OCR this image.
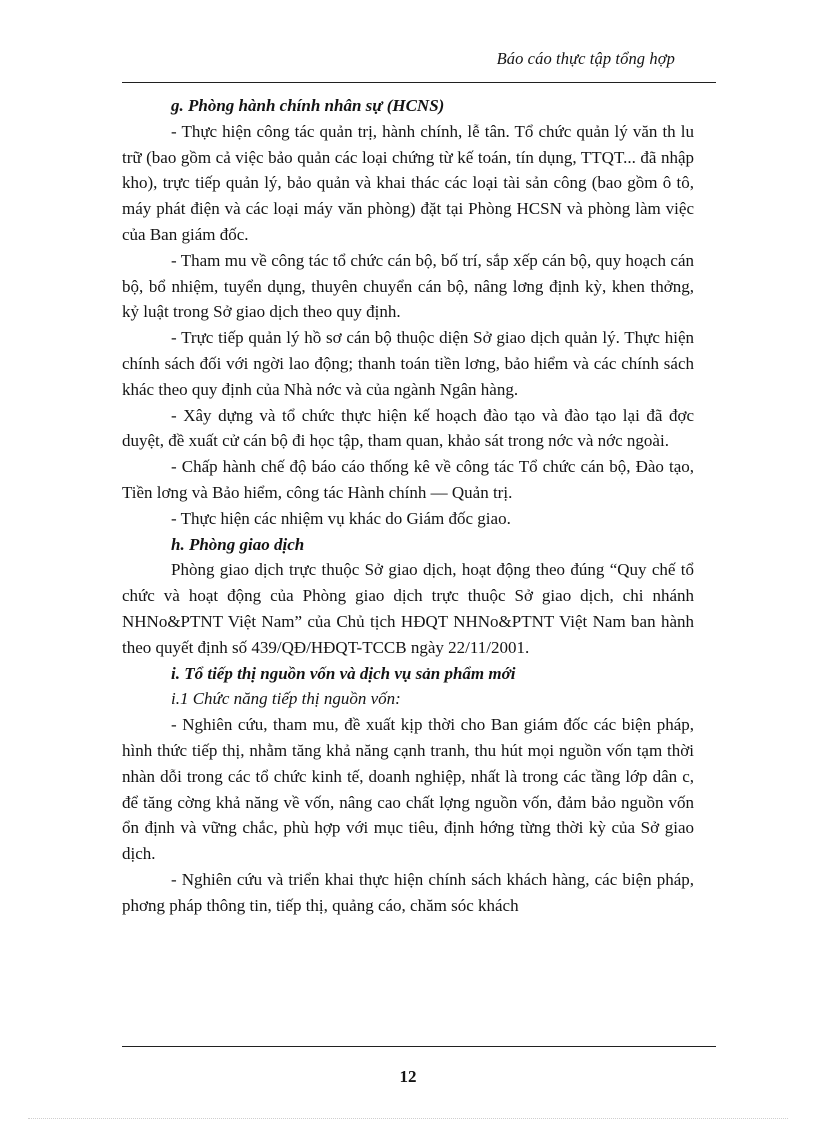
Báo cáo thực tập tổng hợp

g. Phòng hành chính nhân sự (HCNS)

- Thực hiện công tác quản trị, hành chính, lễ tân. Tổ chức quản lý văn th lu trữ (bao gồm cả việc bảo quản các loại chứng từ kế toán, tín dụng, TTQT... đã nhập kho), trực tiếp quản lý, bảo quản và khai thác các loại tài sản công (bao gồm ô tô, máy phát điện và các loại máy văn phòng) đặt tại Phòng HCSN và phòng làm việc của Ban giám đốc.

- Tham mu về công tác tổ chức cán bộ, bố trí, sắp xếp cán bộ, quy hoạch cán bộ, bổ nhiệm, tuyển dụng, thuyên chuyển cán bộ, nâng lơng định kỳ, khen thởng, kỷ luật trong Sở giao dịch theo quy định.

- Trực tiếp quản lý hồ sơ cán bộ thuộc diện Sở giao dịch quản lý. Thực hiện chính sách đối với ngời lao động; thanh toán tiền lơng, bảo hiểm và các chính sách khác theo quy định của Nhà nớc và của ngành Ngân hàng.

- Xây dựng và tổ chức thực hiện kế hoạch đào tạo và đào tạo lại đã đợc duyệt, đề xuất cử cán bộ đi học tập, tham quan, khảo sát trong nớc và nớc ngoài.

- Chấp hành chế độ báo cáo thống kê về công tác Tổ chức cán bộ, Đào tạo, Tiền lơng và Bảo hiểm, công tác Hành chính — Quản trị.

- Thực hiện các nhiệm vụ khác do Giám đốc giao.

h. Phòng giao dịch

Phòng giao dịch trực thuộc Sở giao dịch, hoạt động theo đúng “Quy chế tổ chức và hoạt động của Phòng giao dịch trực thuộc Sở giao dịch, chi nhánh NHNo&PTNT Việt Nam” của Chủ tịch HĐQT NHNo&PTNT Việt Nam ban hành theo quyết định số 439/QĐ/HĐQT-TCCB ngày 22/11/2001.

i. Tổ tiếp thị nguồn vốn và dịch vụ sản phẩm mới

i.1 Chức năng tiếp thị nguồn vốn:

- Nghiên cứu, tham mu, đề xuất kịp thời cho Ban giám đốc các biện pháp, hình thức tiếp thị, nhằm tăng khả năng cạnh tranh, thu hút mọi nguồn vốn tạm thời nhàn dỗi trong các tổ chức kinh tế, doanh nghiệp, nhất là trong các tầng lớp dân c, để tăng cờng khả năng về vốn, nâng cao chất lợng nguồn vốn, đảm bảo nguồn vốn ổn định và vững chắc, phù hợp với mục tiêu, định hớng từng thời kỳ của Sở giao dịch.

- Nghiên cứu và triển khai thực hiện chính sách khách hàng, các biện pháp, phơng pháp thông tin, tiếp thị, quảng cáo, chăm sóc khách

12
